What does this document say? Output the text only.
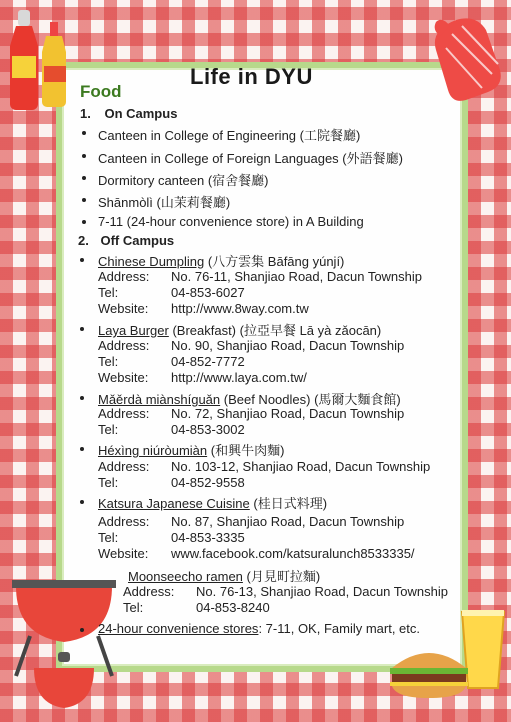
Life in DYU
Food
1. On Campus
Canteen in College of Engineering (工院餐廳)
Canteen in College of Foreign Languages (外語餐廳)
Dormitory canteen (宿舍餐廳)
Shānmòlì (山茉莉餐廳)
7-11 (24-hour convenience store) in A Building
2. Off Campus
Chinese Dumpling (八方雲集 Bāfāng yúnjí)
Address: No. 76-11, Shanjiao Road, Dacun Township
Tel:	04-853-6027
Website: http://www.8way.com.tw
Laya Burger (Breakfast) (拉亞早餐 Lā yà zǎocān)
Address: No. 90, Shanjiao Road, Dacun Township
Tel:	04-852-7772
Website: http://www.laya.com.tw/
Mǎěrdà miànshíguǎn (Beef Noodles) (馬爾大麵食館)
Address: No. 72, Shanjiao Road, Dacun Township
Tel:	04-853-3002
Héxìng niúròumiàn (和興牛肉麵)
Address: No. 103-12, Shanjiao Road, Dacun Township
Tel:	04-852-9558
Katsura Japanese Cuisine (桂日式料理)
Address: No. 87, Shanjiao Road, Dacun Township
Tel:	04-853-3335
Website: www.facebook.com/katsuralunch8533335/
Moonseecho ramen (月見町拉麵)
Address: No. 76-13, Shanjiao Road, Dacun Township
Tel:	04-853-8240
24-hour convenience stores: 7-11, OK, Family mart, etc.
